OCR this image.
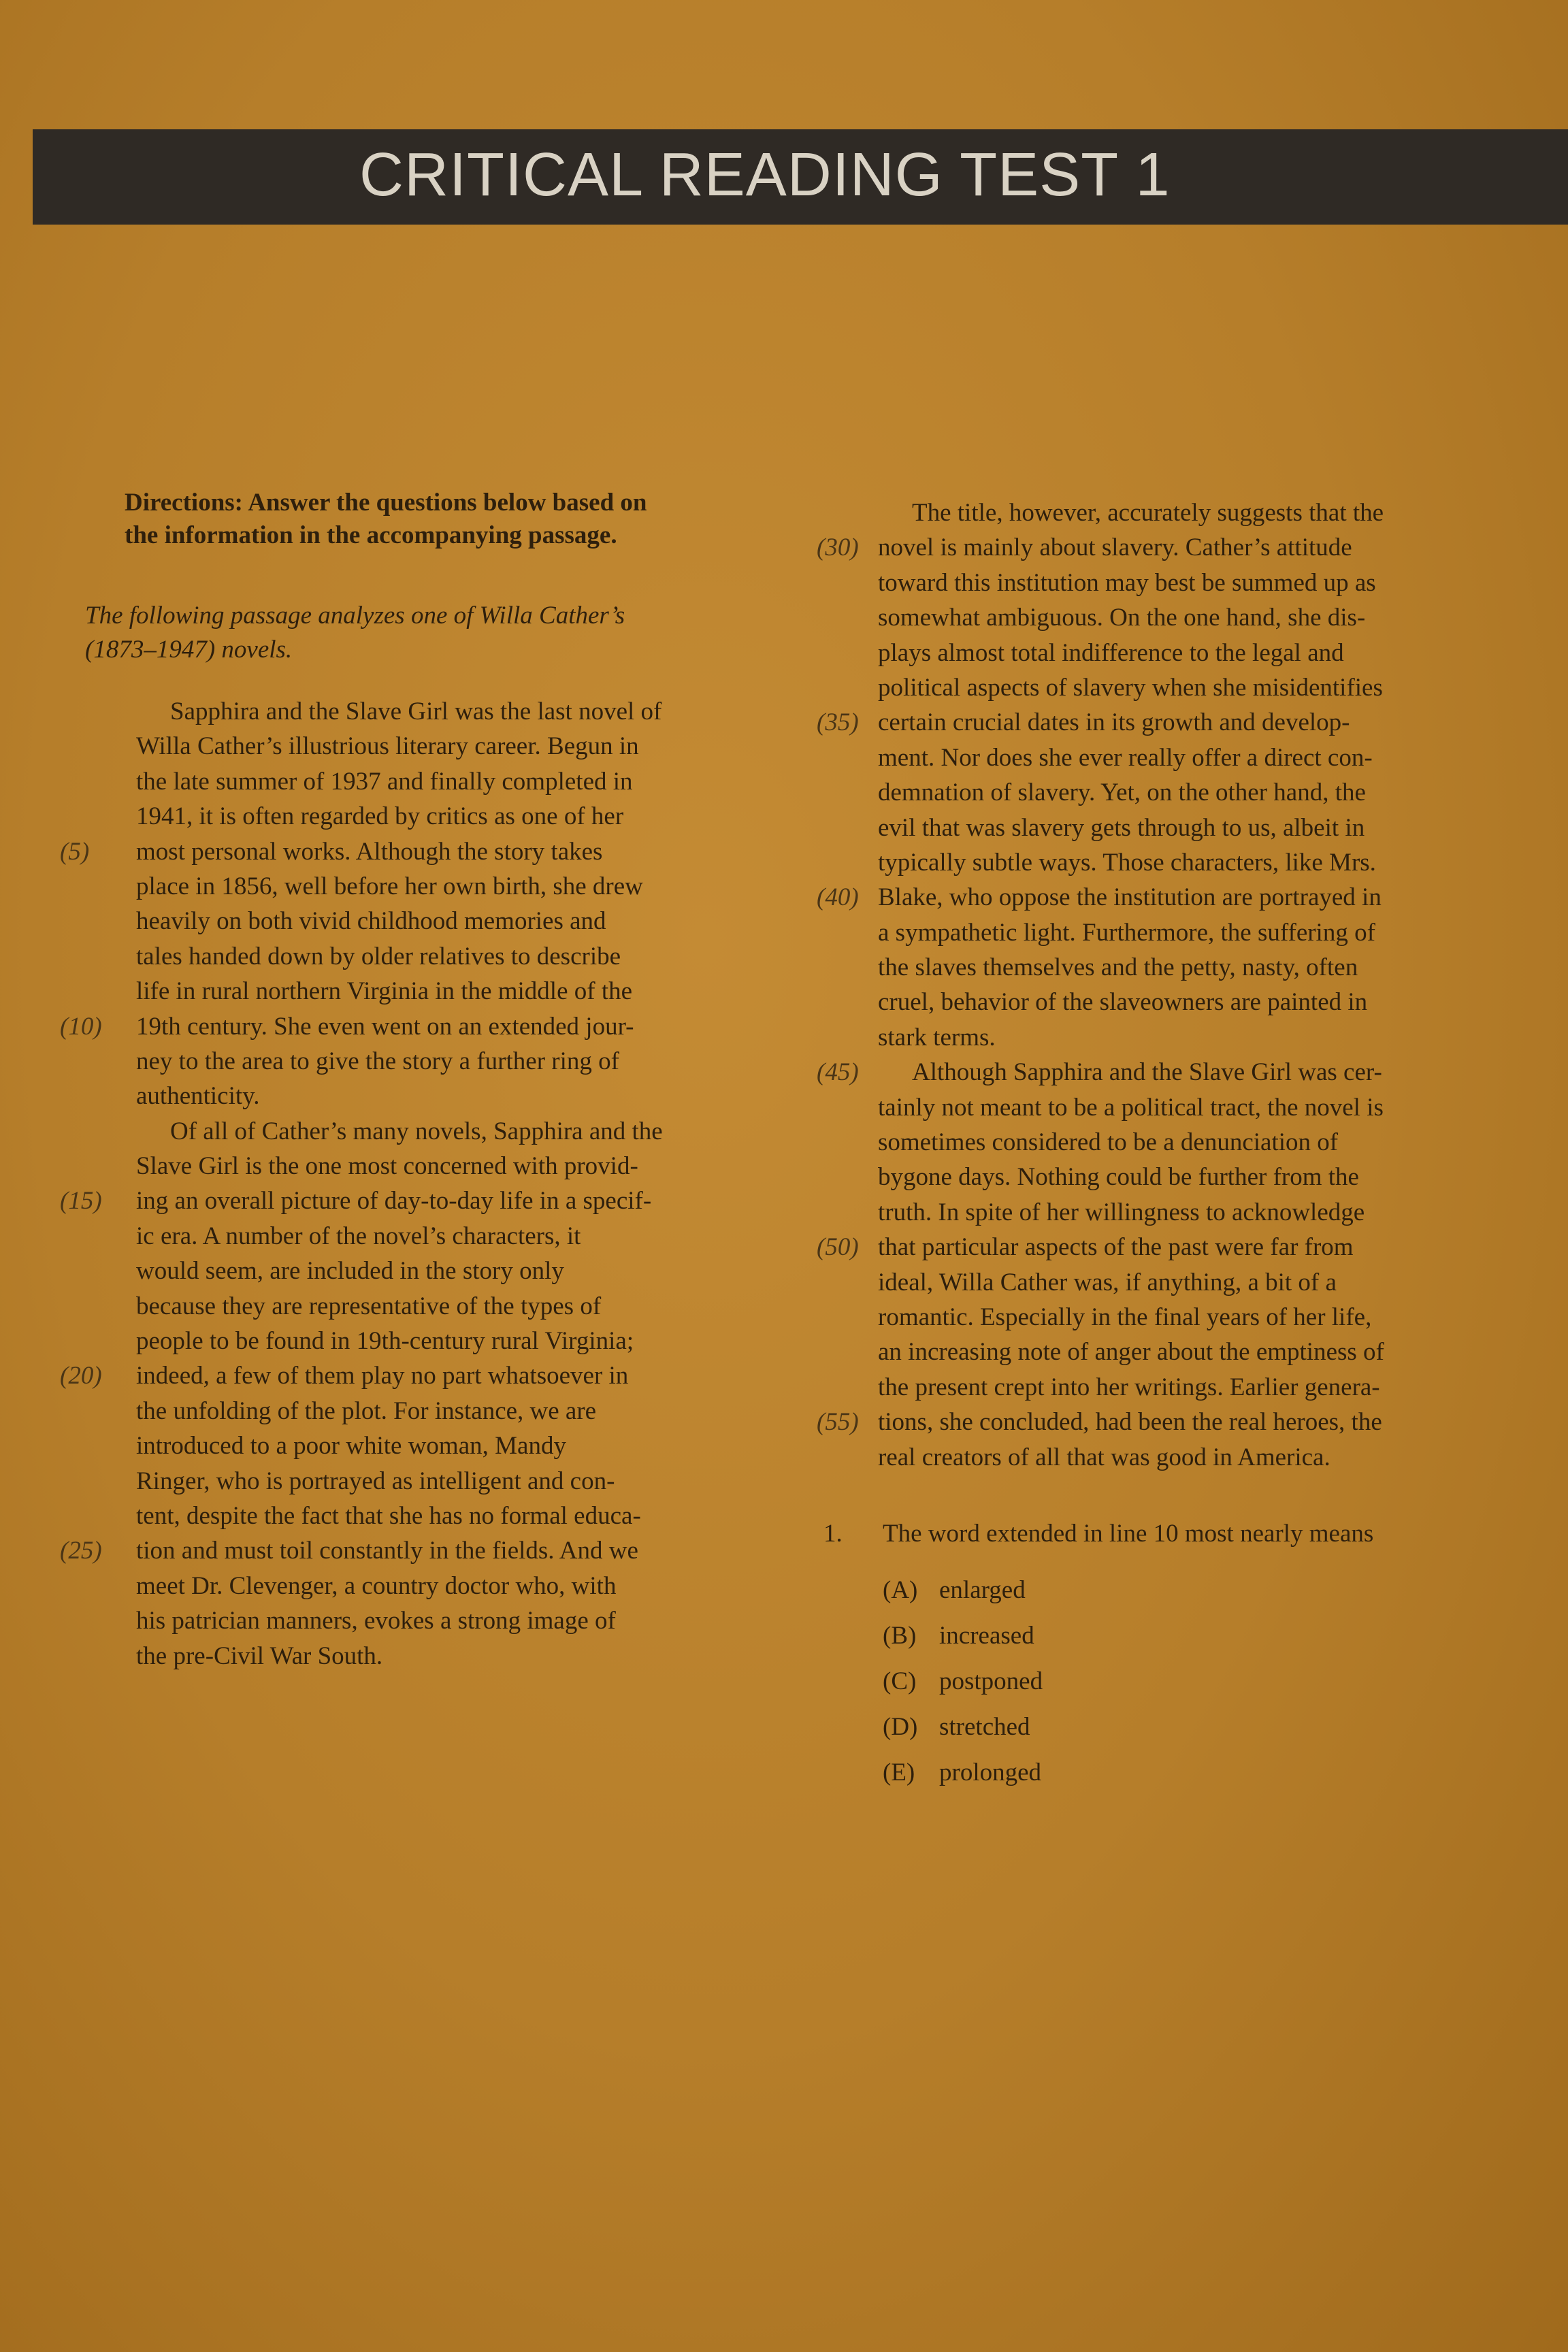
CRITICAL READING TEST 1
Directions: Answer the questions below based on
the information in the accompanying passage.
The following passage analyzes one of Willa Cather’s
(1873–1947) novels.
Sapphira and the Slave Girl was the last novel of
Willa Cather’s illustrious literary career. Begun in
the late summer of 1937 and finally completed in
1941, it is often regarded by critics as one of her
(5) most personal works. Although the story takes
place in 1856, well before her own birth, she drew
heavily on both vivid childhood memories and
tales handed down by older relatives to describe
life in rural northern Virginia in the middle of the
(10) 19th century. She even went on an extended jour-
ney to the area to give the story a further ring of
authenticity.
Of all of Cather’s many novels, Sapphira and the
Slave Girl is the one most concerned with provid-
(15) ing an overall picture of day-to-day life in a specif-
ic era. A number of the novel’s characters, it
would seem, are included in the story only
because they are representative of the types of
people to be found in 19th-century rural Virginia;
(20) indeed, a few of them play no part whatsoever in
the unfolding of the plot. For instance, we are
introduced to a poor white woman, Mandy
Ringer, who is portrayed as intelligent and con-
tent, despite the fact that she has no formal educa-
(25) tion and must toil constantly in the fields. And we
meet Dr. Clevenger, a country doctor who, with
his patrician manners, evokes a strong image of
the pre-Civil War South.
The title, however, accurately suggests that the
(30) novel is mainly about slavery. Cather’s attitude
toward this institution may best be summed up as
somewhat ambiguous. On the one hand, she dis-
plays almost total indifference to the legal and
political aspects of slavery when she misidentifies
(35) certain crucial dates in its growth and develop-
ment. Nor does she ever really offer a direct con-
demnation of slavery. Yet, on the other hand, the
evil that was slavery gets through to us, albeit in
typically subtle ways. Those characters, like Mrs.
(40) Blake, who oppose the institution are portrayed in
a sympathetic light. Furthermore, the suffering of
the slaves themselves and the petty, nasty, often
cruel, behavior of the slaveowners are painted in
stark terms.
(45) Although Sapphira and the Slave Girl was cer-
tainly not meant to be a political tract, the novel is
sometimes considered to be a denunciation of
bygone days. Nothing could be further from the
truth. In spite of her willingness to acknowledge
(50) that particular aspects of the past were far from
ideal, Willa Cather was, if anything, a bit of a
romantic. Especially in the final years of her life,
an increasing note of anger about the emptiness of
the present crept into her writings. Earlier genera-
(55) tions, she concluded, had been the real heroes, the
real creators of all that was good in America.
1. The word extended in line 10 most nearly means
(A) enlarged
(B) increased
(C) postponed
(D) stretched
(E) prolonged
